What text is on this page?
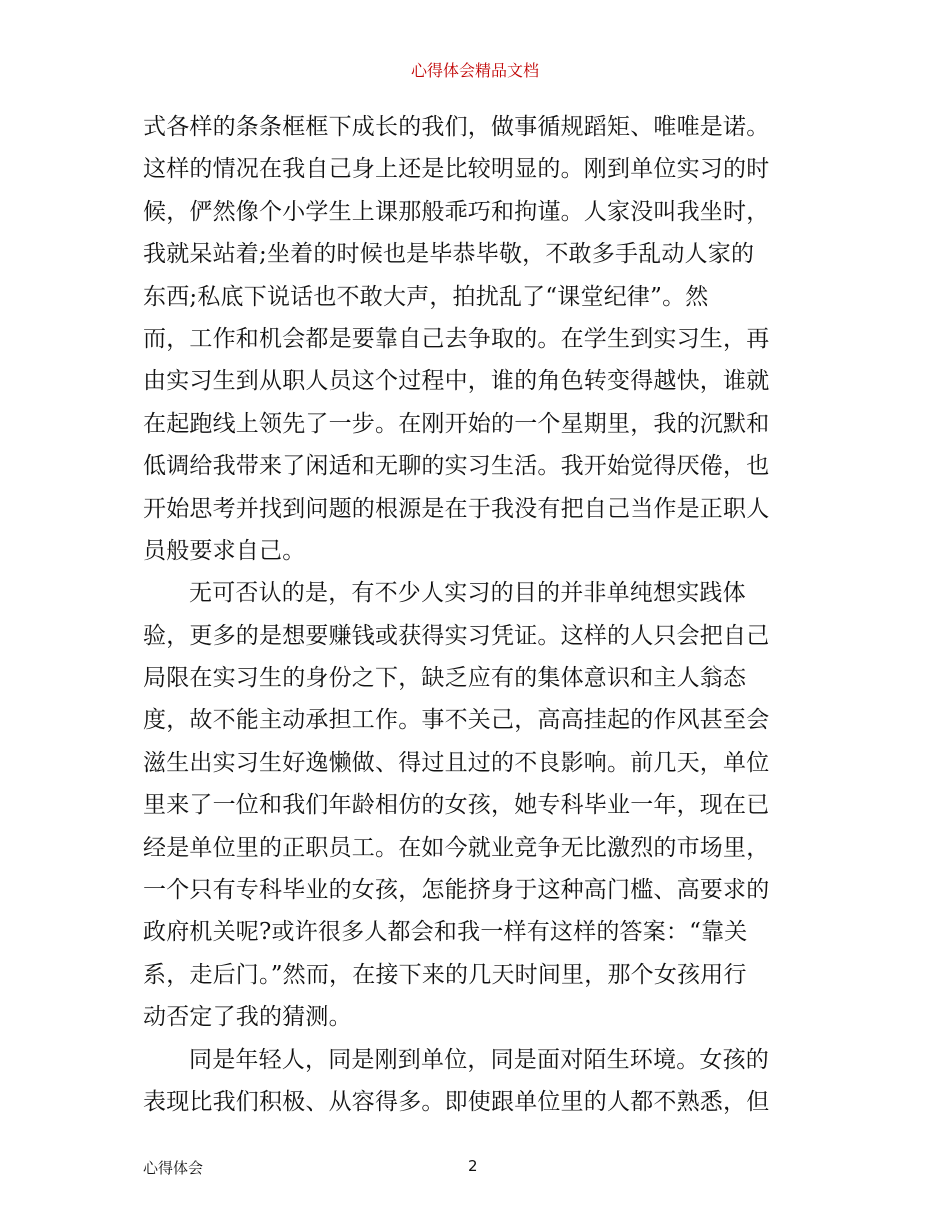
心得体会精品文档

式各样的条条框框下成长的我们，做事循规蹈矩、唯唯是诺。

这样的情况在我自己身上还是比较明显的。刚到单位实习的时

候，俨然像个小学生上课那般乖巧和拘谨。人家没叫我坐时，

我就呆站着;坐着的时候也是毕恭毕敬，不敢多手乱动人家的

东西;私底下说话也不敢大声，拍扰乱了“课堂纪律”。然

而，工作和机会都是要靠自己去争取的。在学生到实习生，再

由实习生到从职人员这个过程中，谁的角色转变得越快，谁就

在起跑线上领先了一步。在刚开始的一个星期里，我的沉默和

低调给我带来了闲适和无聊的实习生活。我开始觉得厌倦，也

开始思考并找到问题的根源是在于我没有把自己当作是正职人

员般要求自己。

无可否认的是，有不少人实习的目的并非单纯想实践体

验，更多的是想要赚钱或获得实习凭证。这样的人只会把自己

局限在实习生的身份之下，缺乏应有的集体意识和主人翁态

度，故不能主动承担工作。事不关己，高高挂起的作风甚至会

滋生出实习生好逸懒做、得过且过的不良影响。前几天，单位

里来了一位和我们年龄相仿的女孩，她专科毕业一年，现在已

经是单位里的正职员工。在如今就业竞争无比激烈的市场里，

一个只有专科毕业的女孩，怎能挤身于这种高门槛、高要求的

政府机关呢?或许很多人都会和我一样有这样的答案：“靠关

系，走后门。”然而，在接下来的几天时间里，那个女孩用行

动否定了我的猜测。

同是年轻人，同是刚到单位，同是面对陌生环境。女孩的

表现比我们积极、从容得多。即使跟单位里的人都不熟悉，但

心得体会	2
